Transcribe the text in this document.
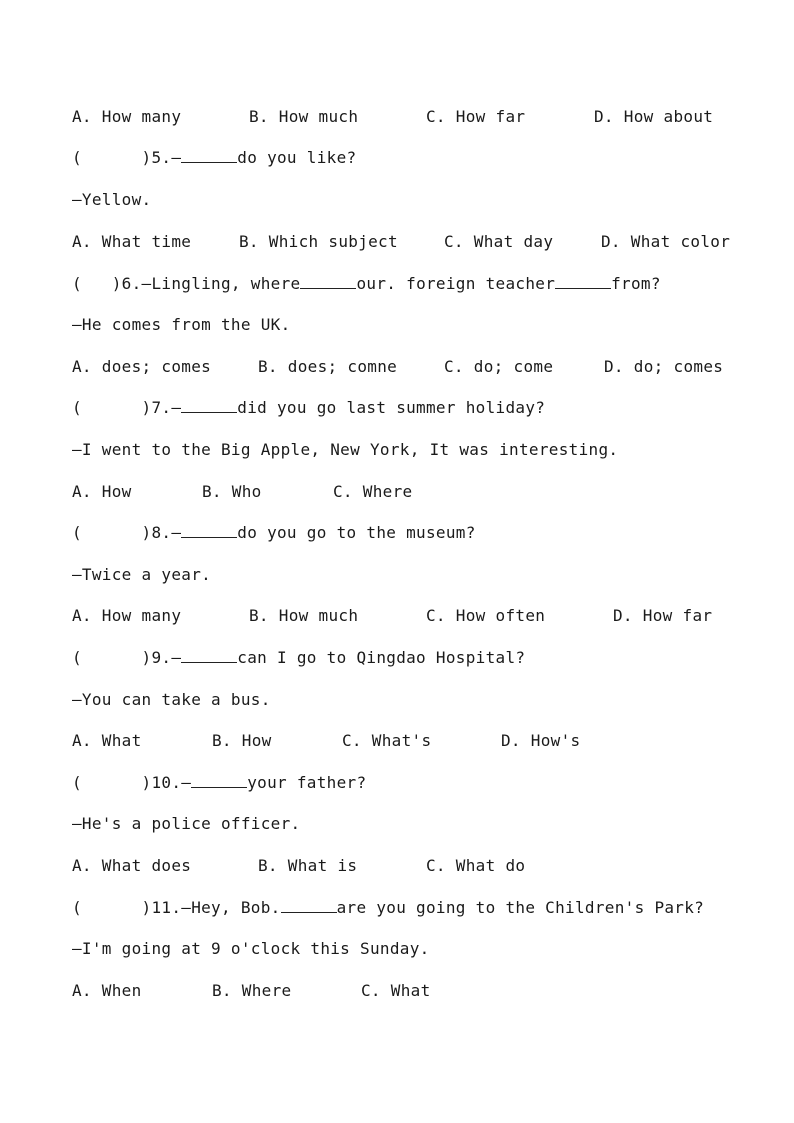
A. How many	B. How much	C. How far	D. How about
(      )5.—	do you like?
—Yellow.
A. What time	B. Which subject	C. What day	D. What color
(   )6.—Lingling, where	our. foreign teacher	from?
—He comes from the UK.
A. does; comes	B. does; comne	C. do; come	D. do; comes
(      )7.—	did you go last summer holiday?
—I went to the Big Apple, New York, It was interesting.
A. How	B. Who	C. Where
(      )8.—	do you go to the museum?
—Twice a year.
A. How many	B. How much	C. How often	D. How far
(      )9.—	can I go to Qingdao Hospital?
—You can take a bus.
A. What	B. How	C. What's	D. How's
(      )10.—	your father?
—He's a police officer.
A. What does	B. What is	C. What do
(      )11.—Hey, Bob.	are you going to the Children's Park?
—I'm going at 9 o'clock this Sunday.
A. When	B. Where	C. What
